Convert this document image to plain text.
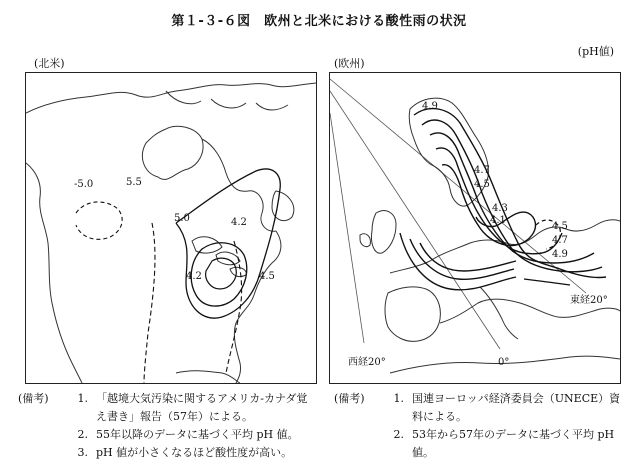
第１-３-６図　欧州と北米における酸性雨の状況
(pH値)
(北米)	(欧州)
-5.0	5.5
5.0	4.2
4.2	4.5
4.9
4.7
4.5
4.3
4.1
4.5
4.7
4.9
西経20°	0°
東経20°
(備考)	1. 「越境大気汚染に関するアメリカ-カナダ覚え書き」報告（57年）による。
2. 55年以降のデータに基づく平均 pH 値。
3. pH 値が小さくなるほど酸性度が高い。
(備考)	1. 国連ヨーロッパ経済委員会（UNECE）資料による。
2. 53年から57年のデータに基づく平均 pH 値。
